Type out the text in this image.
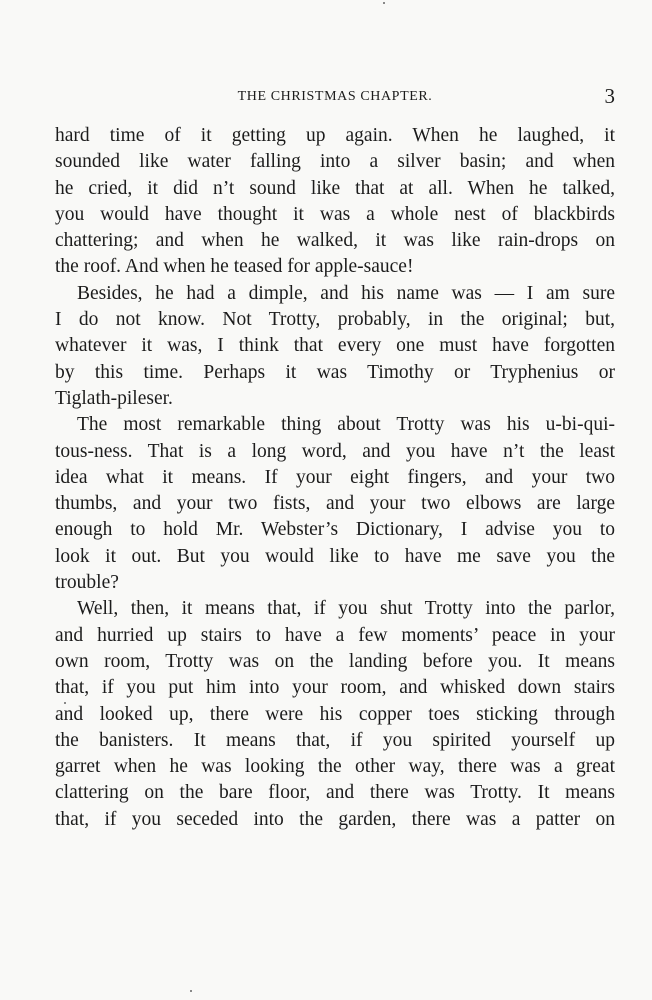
THE CHRISTMAS CHAPTER.	3
hard time of it getting up again. When he laughed, it
sounded like water falling into a silver basin; and when
he cried, it did n’t sound like that at all. When he talked,
you would have thought it was a whole nest of blackbirds
chattering; and when he walked, it was like rain-drops on
the roof. And when he teased for apple-sauce!
Besides, he had a dimple, and his name was — I am sure
I do not know. Not Trotty, probably, in the original; but,
whatever it was, I think that every one must have forgotten
by this time. Perhaps it was Timothy or Tryphenius or
Tiglath-pileser.
The most remarkable thing about Trotty was his u-bi-qui-
tous-ness. That is a long word, and you have n’t the least
idea what it means. If your eight fingers, and your two
thumbs, and your two fists, and your two elbows are large
enough to hold Mr. Webster’s Dictionary, I advise you to
look it out. But you would like to have me save you the
trouble?
Well, then, it means that, if you shut Trotty into the parlor,
and hurried up stairs to have a few moments’ peace in your
own room, Trotty was on the landing before you. It means
that, if you put him into your room, and whisked down stairs
and looked up, there were his copper toes sticking through
the banisters. It means that, if you spirited yourself up
garret when he was looking the other way, there was a great
clattering on the bare floor, and there was Trotty. It means
that, if you seceded into the garden, there was a patter on
